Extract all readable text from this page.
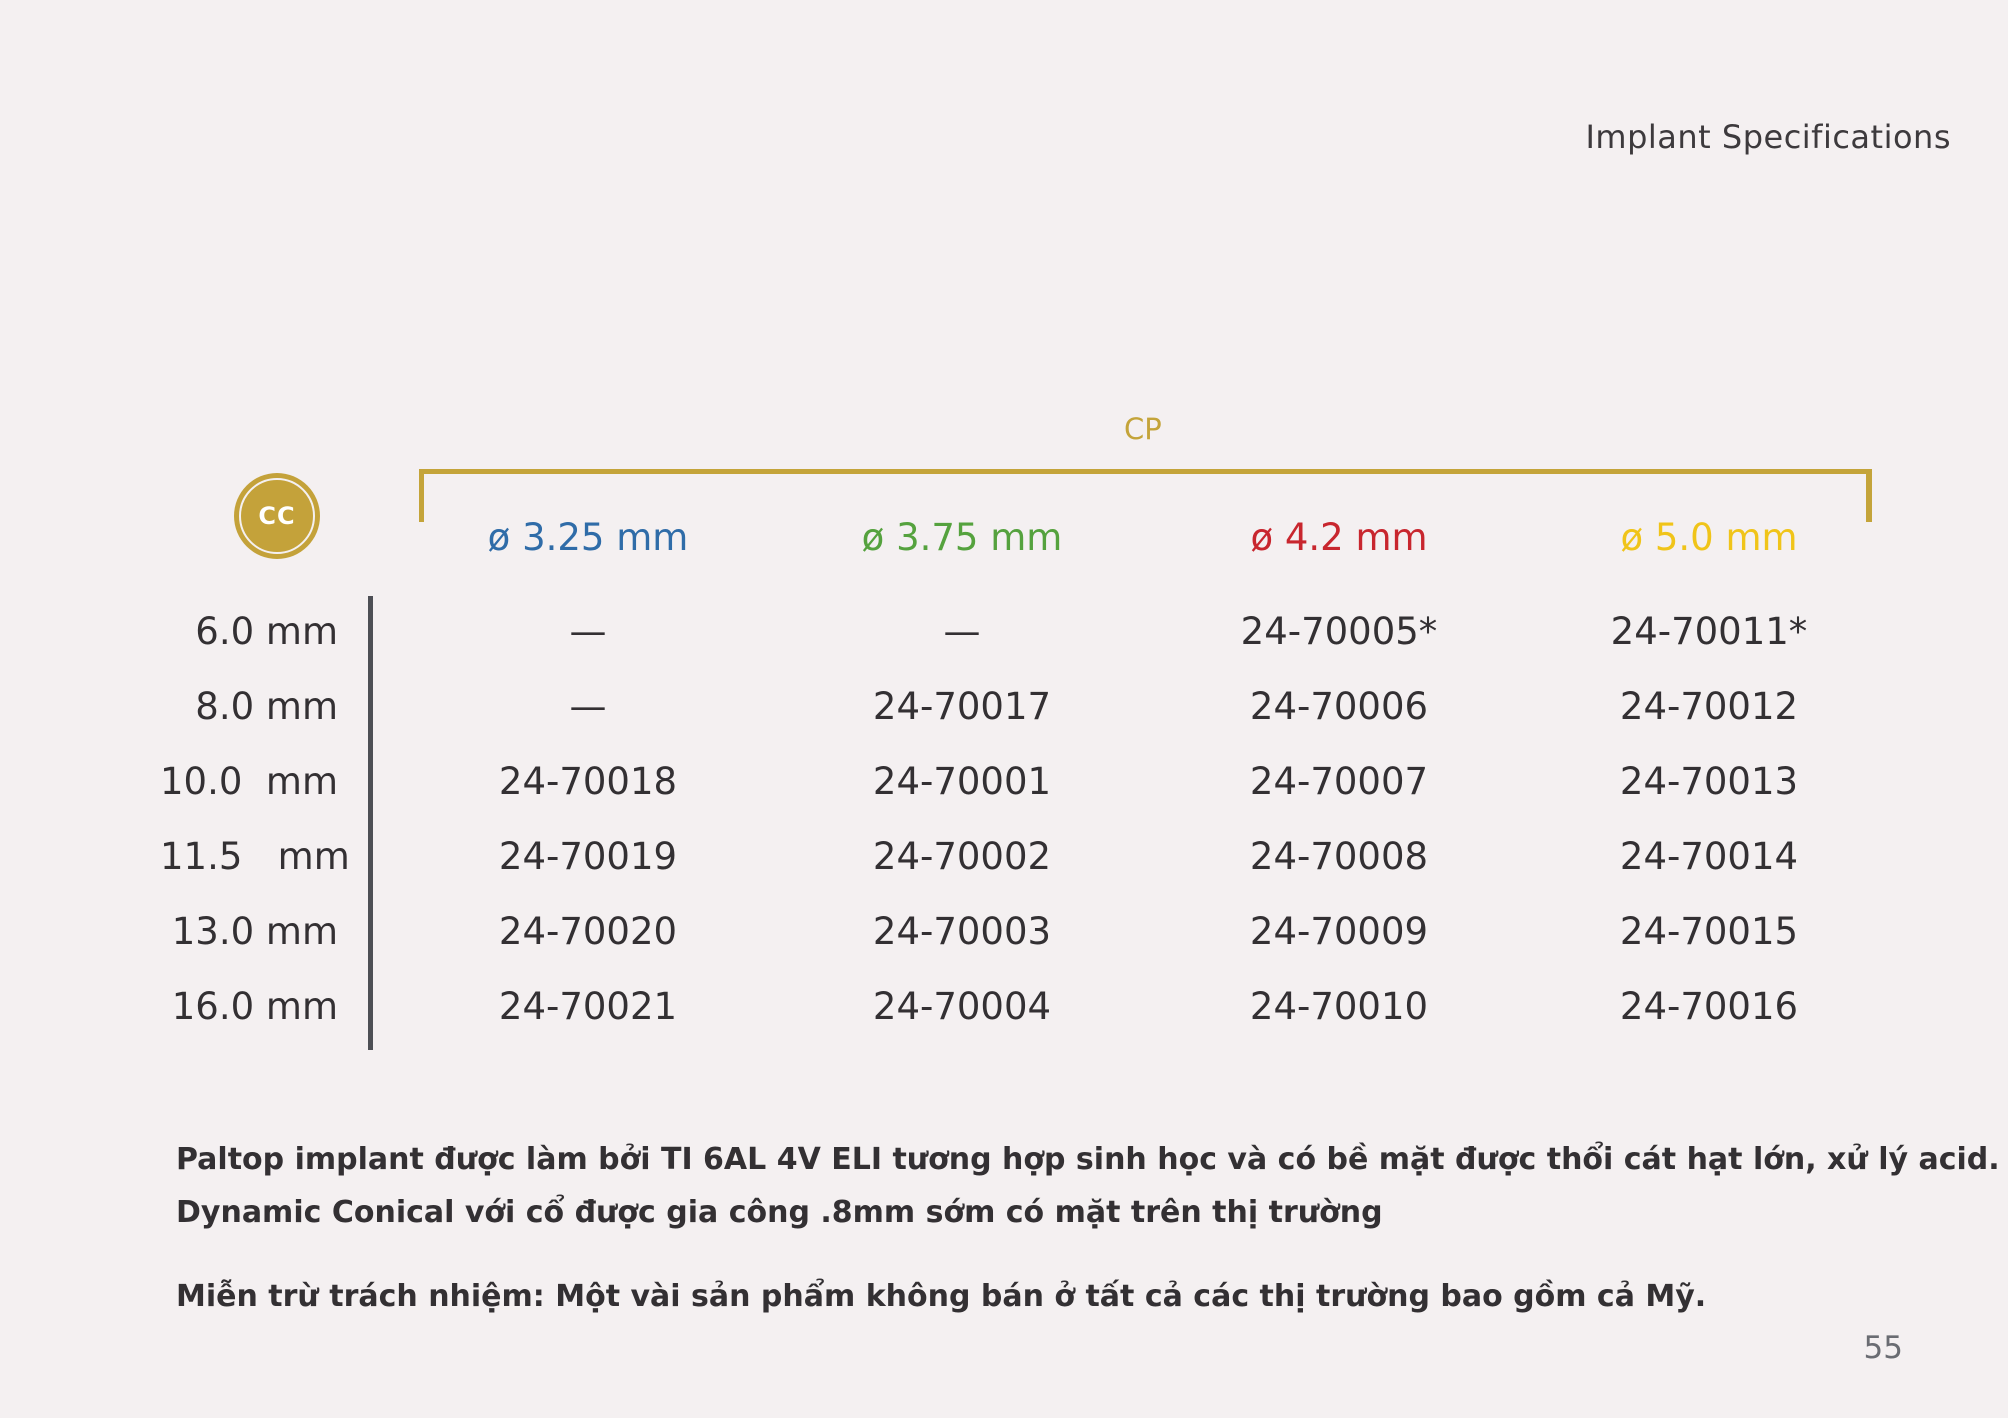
Implant Specifications
CP
CC	ø 3.25 mm	ø 3.75 mm	ø 4.2 mm	ø 5.0 mm
6.0 mm	—	—	24-70005*	24-70011*
8.0 mm	—	24-70017	24-70006	24-70012
10.0  mm	24-70018	24-70001	24-70007	24-70013
11.5   mm	24-70019	24-70002	24-70008	24-70014
13.0 mm	24-70020	24-70003	24-70009	24-70015
16.0 mm	24-70021	24-70004	24-70010	24-70016
Paltop implant được làm bởi TI 6AL 4V ELI tương hợp sinh học và có bề mặt được thổi cát hạt lớn, xử lý acid.
Dynamic Conical với cổ được gia công .8mm sớm có mặt trên thị trường
Miễn trừ trách nhiệm: Một vài sản phẩm không bán ở tất cả các thị trường bao gồm cả Mỹ.
55
